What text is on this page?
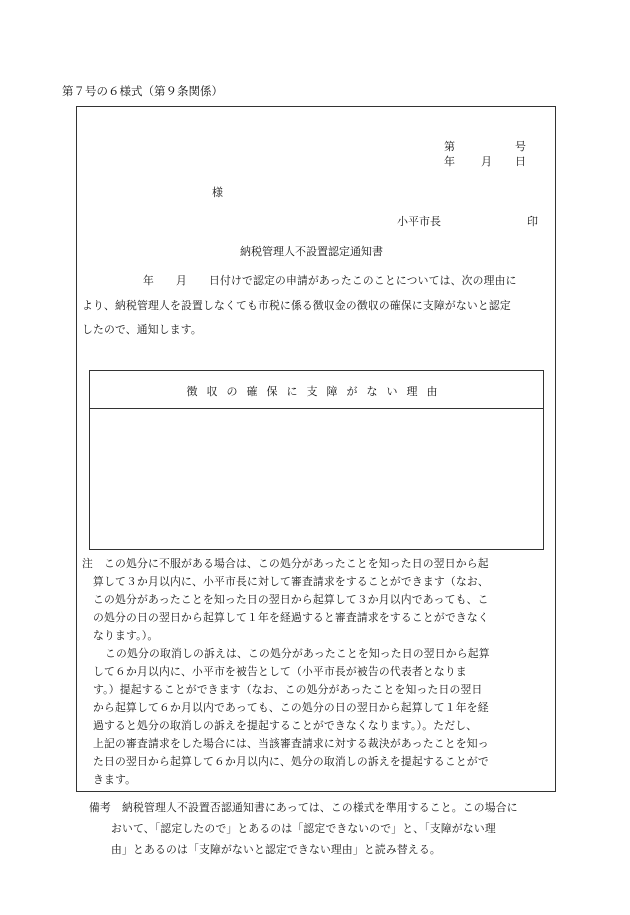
第７号の６様式（第９条関係）
第	号
年 月 日
様
小平市長	印
納税管理人不設置認定通知書
年　　月　　日付けで認定の申請があったこのことについては、次の理由に
より、納税管理人を設置しなくても市税に係る徴収金の徴収の確保に支障がないと認定
したので、通知します。
徴収の確保に支障がない理由
注　この処分に不服がある場合は、この処分があったことを知った日の翌日から起
算して３か月以内に、小平市長に対して審査請求をすることができます（なお、
この処分があったことを知った日の翌日から起算して３か月以内であっても、こ
の処分の日の翌日から起算して１年を経過すると審査請求をすることができなく
なります。）。
この処分の取消しの訴えは、この処分があったことを知った日の翌日から起算
して６か月以内に、小平市を被告として（小平市長が被告の代表者となりま
す。）提起することができます（なお、この処分があったことを知った日の翌日
から起算して６か月以内であっても、この処分の日の翌日から起算して１年を経
過すると処分の取消しの訴えを提起することができなくなります。）。ただし、
上記の審査請求をした場合には、当該審査請求に対する裁決があったことを知っ
た日の翌日から起算して６か月以内に、処分の取消しの訴えを提起することがで
きます。
備考　納税管理人不設置否認通知書にあっては、この様式を準用すること。この場合に
おいて、「認定したので」とあるのは「認定できないので」と、「支障がない理
由」とあるのは「支障がないと認定できない理由」と読み替える。
